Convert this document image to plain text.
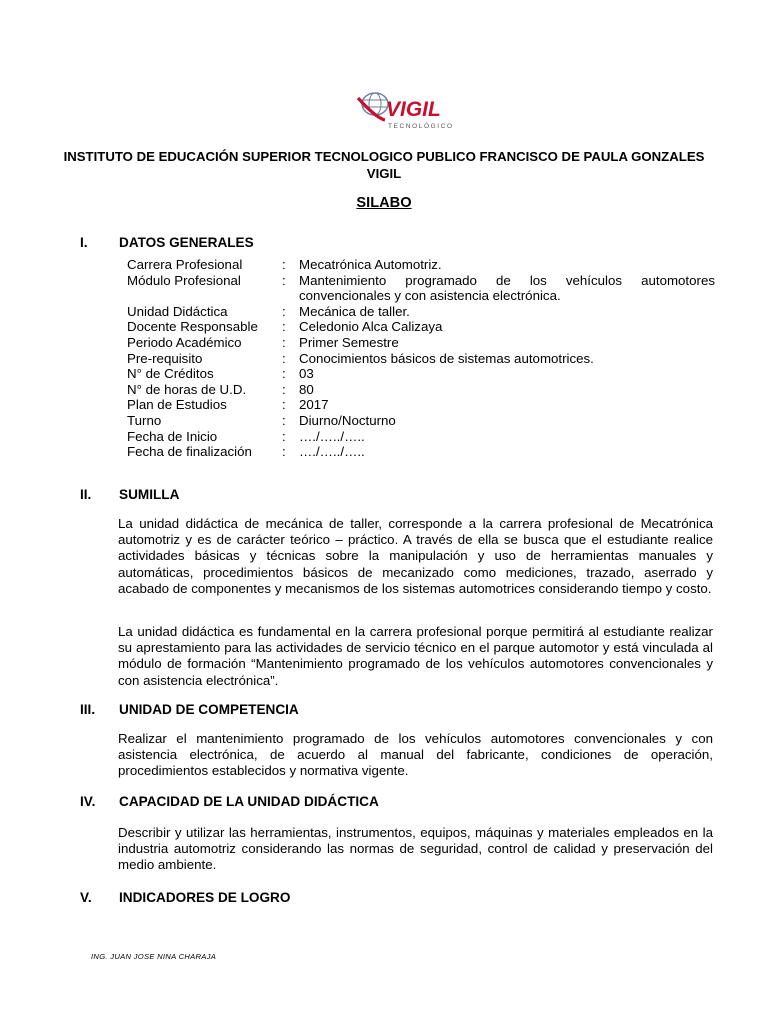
VIGIL
TECNOLÓGICO
INSTITUTO DE EDUCACIÓN SUPERIOR TECNOLOGICO PUBLICO FRANCISCO DE PAULA GONZALES VIGIL
SILABO
I. DATOS GENERALES
Carrera Profesional	: Mecatrónica Automotriz.
Módulo Profesional	: Mantenimiento programado de los vehículos automotores convencionales y con asistencia electrónica.
Unidad Didáctica	: Mecánica de taller.
Docente Responsable	: Celedonio Alca Calizaya
Periodo Académico	: Primer Semestre
Pre-requisito	: Conocimientos básicos de sistemas automotrices.
N° de Créditos	: 03
N° de horas de U.D.	: 80
Plan de Estudios	: 2017
Turno	: Diurno/Nocturno
Fecha de Inicio	: …./…../…..
Fecha de finalización	: …./…../…..
II. SUMILLA

La unidad didáctica de mecánica de taller, corresponde a la carrera profesional de Mecatrónica automotriz y es de carácter teórico – práctico. A través de ella se busca que el estudiante realice actividades básicas y técnicas sobre la manipulación y uso de herramientas manuales y automáticas, procedimientos básicos de mecanizado como mediciones, trazado, aserrado y acabado de componentes y mecanismos de los sistemas automotrices considerando tiempo y costo.

La unidad didáctica es fundamental en la carrera profesional porque permitirá al estudiante realizar su aprestamiento para las actividades de servicio técnico en el parque automotor y está vinculada al módulo de formación “Mantenimiento programado de los vehículos automotores convencionales y con asistencia electrónica”.

III. UNIDAD DE COMPETENCIA

Realizar el mantenimiento programado de los vehículos automotores convencionales y con asistencia electrónica, de acuerdo al manual del fabricante, condiciones de operación, procedimientos establecidos y normativa vigente.

IV. CAPACIDAD DE LA UNIDAD DIDÁCTICA

Describir y utilizar las herramientas, instrumentos, equipos, máquinas y materiales empleados en la industria automotriz considerando las normas de seguridad, control de calidad y preservación del medio ambiente.

V. INDICADORES DE LOGRO
ING. JUAN JOSE NINA CHARAJA
